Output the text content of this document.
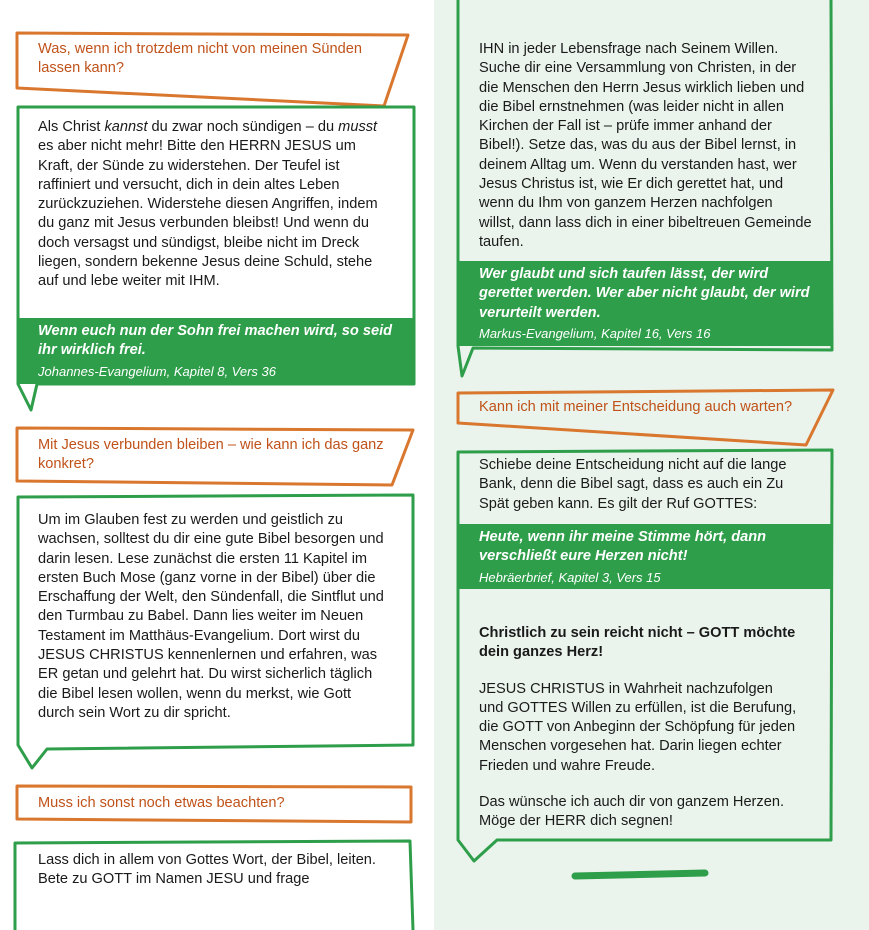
Was, wenn ich trotzdem nicht von meinen Sünden lassen kann?

Als Christ kannst du zwar noch sündigen – du musst es aber nicht mehr! Bitte den HERRN JESUS um Kraft, der Sünde zu widerstehen. Der Teufel ist raffiniert und versucht, dich in dein altes Leben zurückzuziehen. Widerstehe diesen Angriffen, indem du ganz mit Jesus verbunden bleibst! Und wenn du doch versagst und sündigst, bleibe nicht im Dreck liegen, sondern bekenne Jesus deine Schuld, stehe auf und lebe weiter mit IHM.

Wenn euch nun der Sohn frei machen wird, so seid ihr wirklich frei.

Johannes-Evangelium, Kapitel 8, Vers 36

Mit Jesus verbunden bleiben – wie kann ich das ganz konkret?

Um im Glauben fest zu werden und geistlich zu wachsen, solltest du dir eine gute Bibel besorgen und darin lesen. Lese zunächst die ersten 11 Kapitel im ersten Buch Mose (ganz vorne in der Bibel) über die Erschaffung der Welt, den Sündenfall, die Sintflut und den Turmbau zu Babel. Dann lies weiter im Neuen Testament im Matthäus-Evangelium. Dort wirst du JESUS CHRISTUS kennenlernen und erfahren, was ER getan und gelehrt hat. Du wirst sicherlich täglich die Bibel lesen wollen, wenn du merkst, wie Gott durch sein Wort zu dir spricht.

Muss ich sonst noch etwas beachten?

Lass dich in allem von Gottes Wort, der Bibel, leiten. Bete zu GOTT im Namen JESU und frage

IHN in jeder Lebensfrage nach Seinem Willen. Suche dir eine Versammlung von Christen, in der die Menschen den Herrn Jesus wirklich lieben und die Bibel ernstnehmen (was leider nicht in allen Kirchen der Fall ist – prüfe immer anhand der Bibel!). Setze das, was du aus der Bibel lernst, in deinem Alltag um. Wenn du verstanden hast, wer Jesus Christus ist, wie Er dich gerettet hat, und wenn du Ihm von ganzem Herzen nachfolgen willst, dann lass dich in einer bibeltreuen Gemeinde taufen.

Wer glaubt und sich taufen lässt, der wird gerettet werden. Wer aber nicht glaubt, der wird verurteilt werden.

Markus-Evangelium, Kapitel 16, Vers 16

Kann ich mit meiner Entscheidung auch warten?

Schiebe deine Entscheidung nicht auf die lange Bank, denn die Bibel sagt, dass es auch ein Zu Spät geben kann. Es gilt der Ruf GOTTES:

Heute, wenn ihr meine Stimme hört, dann verschließt eure Herzen nicht!

Hebräerbrief, Kapitel 3, Vers 15

Christlich zu sein reicht nicht – GOTT möchte dein ganzes Herz!

JESUS CHRISTUS in Wahrheit nachzufolgen und GOTTES Willen zu erfüllen, ist die Berufung, die GOTT von Anbeginn der Schöpfung für jeden Menschen vorgesehen hat. Darin liegen echter Frieden und wahre Freude.

Das wünsche ich auch dir von ganzem Herzen. Möge der HERR dich segnen!
